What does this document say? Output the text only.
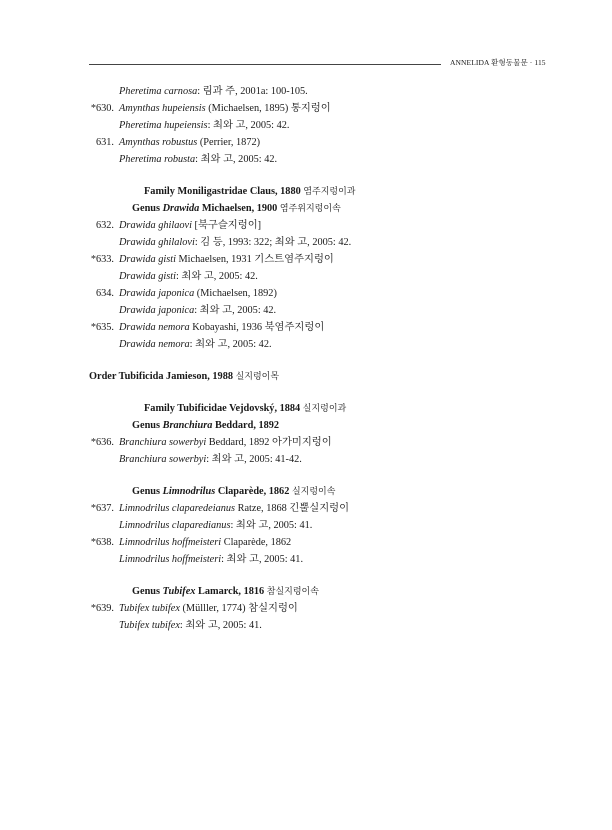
ANNELIDA 환형동물문 · 115
Pheretima carnosa: 림과 주, 2001a: 100-105.
*630. Amynthas hupeiensis (Michaelsen, 1895) 통지렁이
Pheretima hupeiensis: 최와 고, 2005: 42.
631. Amynthas robustus (Perrier, 1872)
Pheretima robusta: 최와 고, 2005: 42.
Family Moniligastridae Claus, 1880 염주지렁이과
Genus Drawida Michaelsen, 1900 염주위지렁이속
632. Drawida ghilaovi [북구슬지렁이]
Drawida ghilalovi: 김 등, 1993: 322; 최와 고, 2005: 42.
*633. Drawida gisti Michaelsen, 1931 기스트염주지렁이
Drawida gisti: 최와 고, 2005: 42.
634. Drawida japonica (Michaelsen, 1892)
Drawida japonica: 최와 고, 2005: 42.
*635. Drawida nemora Kobayashi, 1936 북염주지렁이
Drawida nemora: 최와 고, 2005: 42.
Order Tubificida Jamieson, 1988 실지렁이목
Family Tubificidae Vejdovský, 1884 실지렁이과
Genus Branchiura Beddard, 1892
*636. Branchiura sowerbyi Beddard, 1892 아가미지렁이
Branchiura sowerbyi: 최와 고, 2005: 41-42.
Genus Limnodrilus Claparède, 1862 실지렁이속
*637. Limnodrilus claparedeianus Ratze, 1868 긴뿔실지렁이
Limnodrilus claparedianus: 최와 고, 2005: 41.
*638. Limnodrilus hoffmeisteri Claparède, 1862
Limnodrilus hoffmeisteri: 최와 고, 2005: 41.
Genus Tubifex Lamarck, 1816 참실지렁이속
*639. Tubifex tubifex (Mülller, 1774) 참실지렁이
Tubifex tubifex: 최와 고, 2005: 41.
